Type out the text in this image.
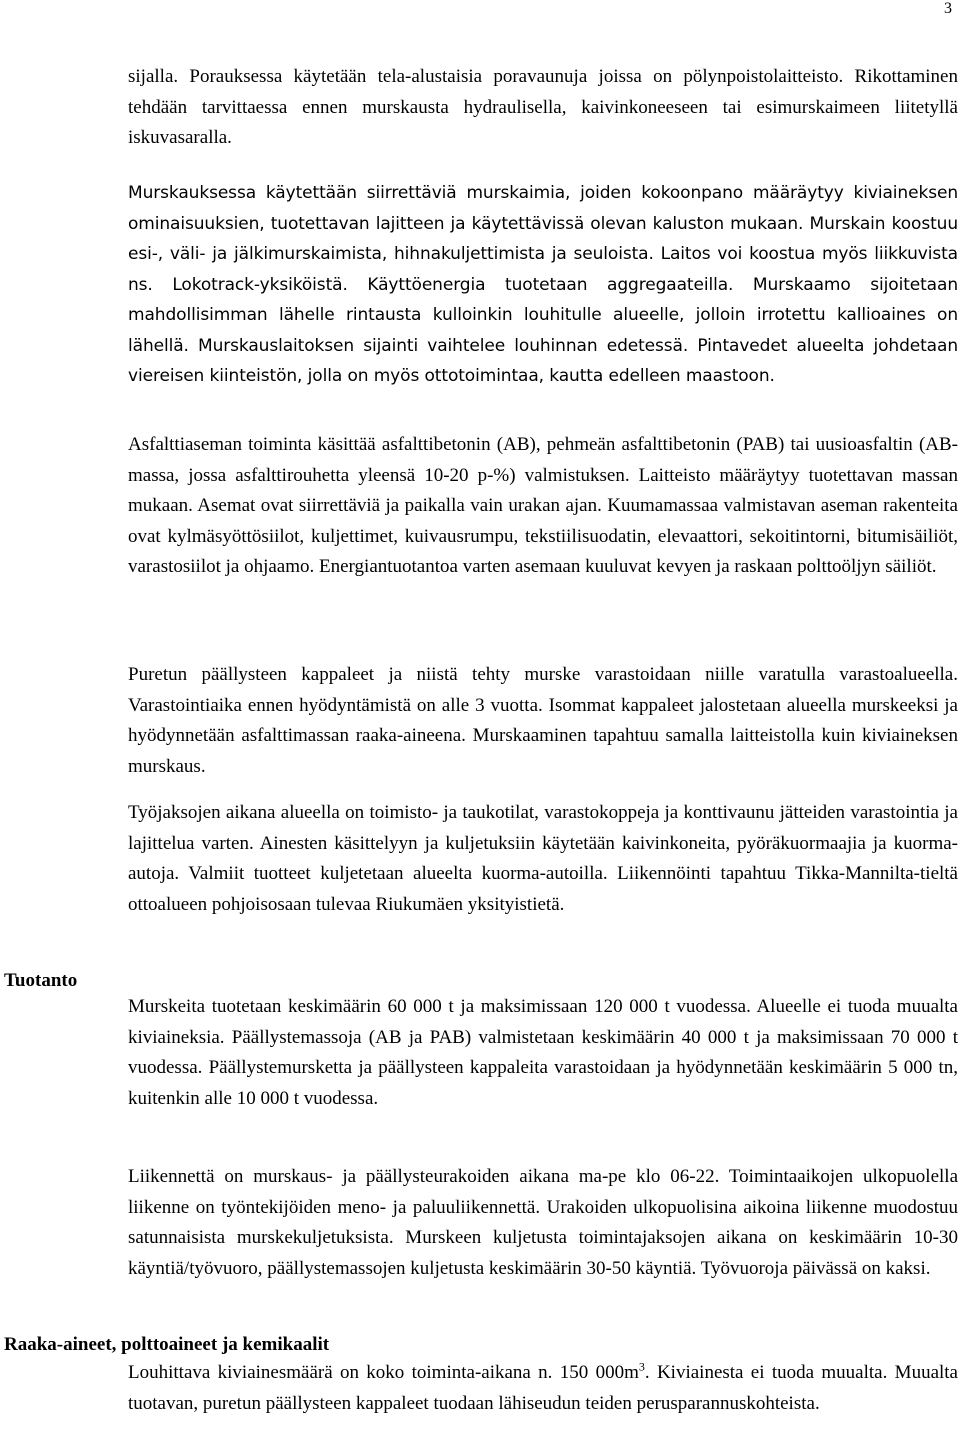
3

sijalla. Porauksessa käytetään tela-alustaisia poravaunuja joissa on pölynpoistolaitteisto. Rikottaminen tehdään tarvittaessa ennen murskausta hydraulisella, kaivinkoneeseen tai esimurskaimeen liitetyllä iskuvasaralla.

Murskauksessa käytettään siirrettäviä murskaimia, joiden kokoonpano määräytyy kiviaineksen ominaisuuksien, tuotettavan lajitteen ja käytettävissä olevan kaluston mukaan. Murskain koostuu esi-, väli- ja jälkimurskaimista, hihnakuljettimista ja seuloista. Laitos voi koostua myös liikkuvista ns. Lokotrack-yksiköistä. Käyttöenergia tuotetaan aggregaateilla. Murskaamo sijoitetaan mahdollisimman lähelle rintausta kulloinkin louhitulle alueelle, jolloin irrotettu kallioaines on lähellä. Murskauslaitoksen sijainti vaihtelee louhinnan edetessä. Pintavedet alueelta johdetaan viereisen kiinteistön, jolla on myös ottotoimintaa, kautta edelleen maastoon.

Asfalttiaseman toiminta käsittää asfalttibetonin (AB), pehmeän asfalttibetonin (PAB) tai uusioasfaltin (AB-massa, jossa asfalttirouhetta yleensä 10-20 p-%) valmistuksen. Laitteisto määräytyy tuotettavan massan mukaan. Asemat ovat siirrettäviä ja paikalla vain urakan ajan. Kuumamassaa valmistavan aseman rakenteita ovat kylmäsyöttösiilot, kuljettimet, kuivausrumpu, tekstiilisuodatin, elevaattori, sekoitintorni, bitumisäiliöt, varastosiilot ja ohjaamo. Energiantuotantoa varten asemaan kuuluvat kevyen ja raskaan polttoöljyn säiliöt.

Puretun päällysteen kappaleet ja niistä tehty murske varastoidaan niille varatulla varastoalueella. Varastointiaika ennen hyödyntämistä on alle 3 vuotta. Isommat kappaleet jalostetaan alueella murskeeksi ja hyödynnetään asfalttimassan raaka-aineena. Murskaaminen tapahtuu samalla laitteistolla kuin kiviaineksen murskaus.

Työjaksojen aikana alueella on toimisto- ja taukotilat, varastokoppeja ja konttivaunu jätteiden varastointia ja lajittelua varten. Ainesten käsittelyyn ja kuljetuksiin käytetään kaivinkoneita, pyöräkuormaajia ja kuorma-autoja. Valmiit tuotteet kuljetetaan alueelta kuorma-autoilla. Liikennöinti tapahtuu Tikka-Mannilta-tieltä ottoalueen pohjoisosaan tulevaa Riukumäen yksityistietä.

Tuotanto

Murskeita tuotetaan keskimäärin 60 000 t ja maksimissaan 120 000 t vuodessa. Alueelle ei tuoda muualta kiviaineksia. Päällystemassoja (AB ja PAB) valmistetaan keskimäärin 40 000 t ja maksimissaan 70 000 t vuodessa. Päällystemursketta ja päällysteen kappaleita varastoidaan ja hyödynnetään keskimäärin 5 000 tn, kuitenkin alle 10 000 t vuodessa.

Liikennettä on murskaus- ja päällysteurakoiden aikana ma-pe klo 06-22. Toimintaaikojen ulkopuolella liikenne on työntekijöiden meno- ja paluuliikennettä. Urakoiden ulkopuolisina aikoina liikenne muodostuu satunnaisista murskekuljetuksista. Murskeen kuljetusta toimintajaksojen aikana on keskimäärin 10-30 käyntiä/työvuoro, päällystemassojen kuljetusta keskimäärin 30-50 käyntiä. Työvuoroja päivässä on kaksi.

Raaka-aineet, polttoaineet ja kemikaalit

Louhittava kiviainesmäärä on koko toiminta-aikana n. 150 $000m^3$. Kiviainesta ei tuoda muualta. Muualta tuotavan, puretun päällysteen kappaleet tuodaan lähiseudun teiden perusparannuskohteista.
